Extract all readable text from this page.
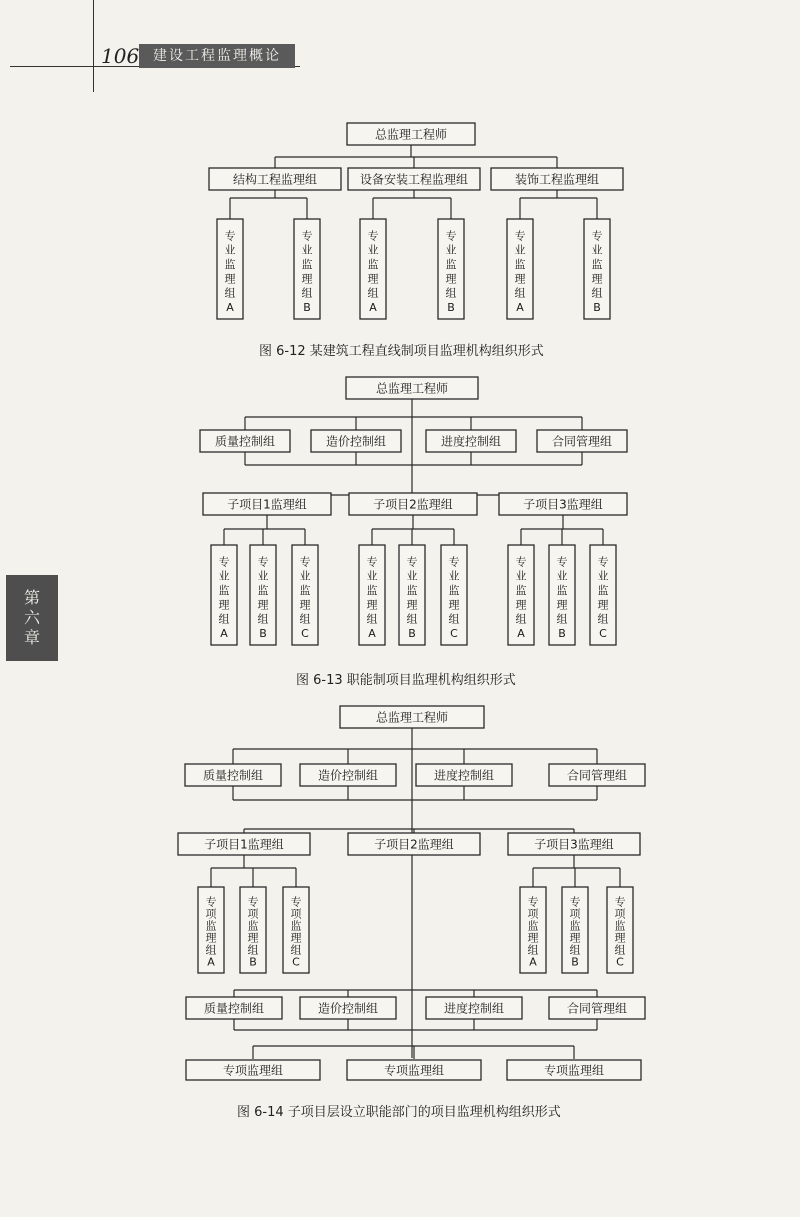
106 建设工程监理概论
第
六
章
总监理工程师
结构工程监理组	设备安装工程监理组	装饰工程监理组
专
业
监
理
组
A
专
业
监
理
组
B
专
业
监
理
组
A
专
业
监
理
组
B
专
业
监
理
组
A
专
业
监
理
组
B
总监理工程师
质量控制组	造价控制组	进度控制组	合同管理组
子项目1监理组	子项目2监理组	子项目3监理组
专
业
监
理
组
A
专
业
监
理
组
B
专
业
监
理
组
C
专
业
监
理
组
A
专
业
监
理
组
B
专
业
监
理
组
C
专
业
监
理
组
A
专
业
监
理
组
B
专
业
监
理
组
C
总监理工程师
质量控制组	造价控制组	进度控制组	合同管理组
子项目1监理组	子项目2监理组	子项目3监理组
专
项
监
理
组
A
专
项
监
理
组
B
专
项
监
理
组
C
专
项
监
理
组
A
专
项
监
理
组
B
专
项
监
理
组
C
质量控制组	造价控制组	进度控制组	合同管理组
专项监理组	专项监理组	专项监理组
图 6-12 某建筑工程直线制项目监理机构组织形式
图 6-13 职能制项目监理机构组织形式
图 6-14 子项目层设立职能部门的项目监理机构组织形式
